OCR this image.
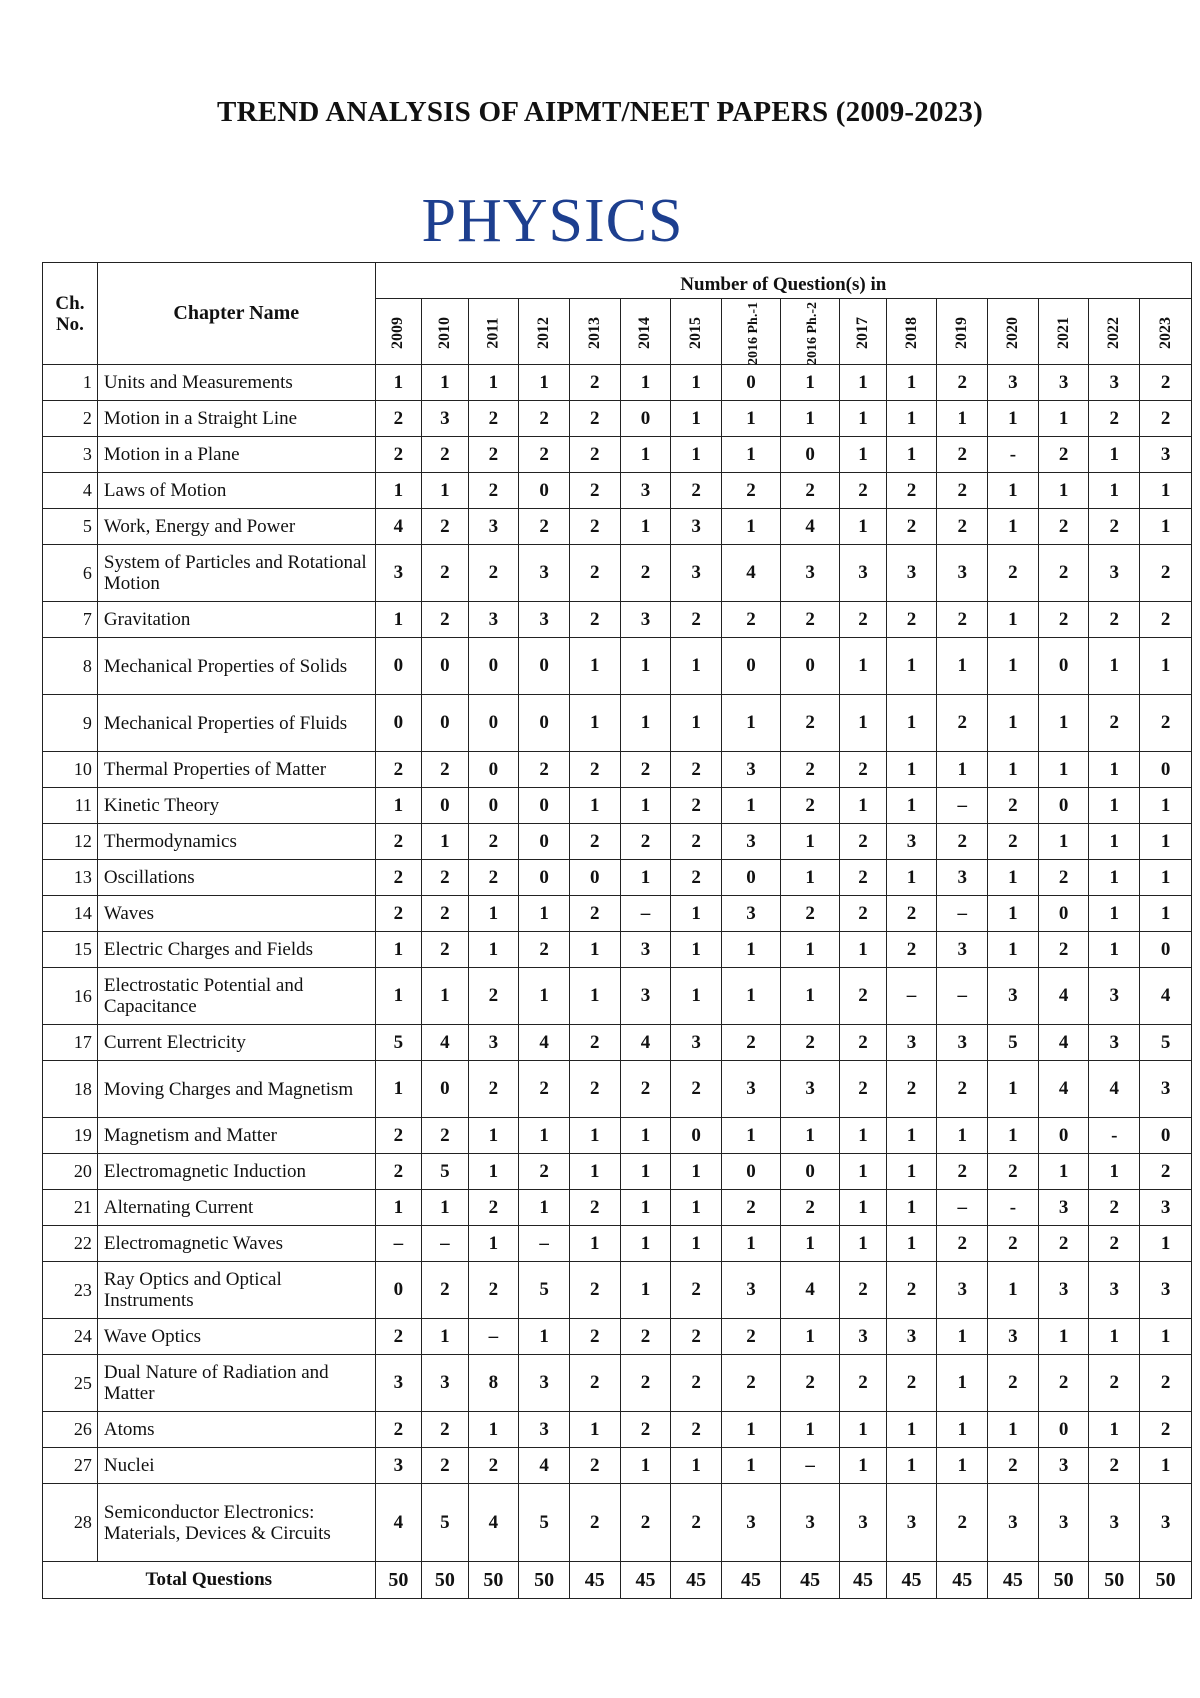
TREND ANALYSIS OF AIPMT/NEET PAPERS (2009-2023)
PHYSICS
Ch. No.	Chapter Name	Number of Question(s) in															
		2009	2010	2011	2012	2013	2014	2015	2016 Ph.-1	2016 Ph.-2	2017	2018	2019	2020	2021	2022	2023
1	Units and Measurements	1	1	1	1	2	1	1	0	1	1	1	2	3	3	3	2
2	Motion in a Straight Line	2	3	2	2	2	0	1	1	1	1	1	1	1	1	2	2
3	Motion in a Plane	2	2	2	2	2	1	1	1	0	1	1	2	-	2	1	3
4	Laws of Motion	1	1	2	0	2	3	2	2	2	2	2	2	1	1	1	1
5	Work, Energy and Power	4	2	3	2	2	1	3	1	4	1	2	2	1	2	2	1
6	System of Particles and Rotational Motion	3	2	2	3	2	2	3	4	3	3	3	3	2	2	3	2
7	Gravitation	1	2	3	3	2	3	2	2	2	2	2	2	1	2	2	2
8	Mechanical Properties of Solids	0	0	0	0	1	1	1	0	0	1	1	1	1	0	1	1
9	Mechanical Properties of Fluids	0	0	0	0	1	1	1	1	2	1	1	2	1	1	2	2
10	Thermal Properties of Matter	2	2	0	2	2	2	2	3	2	2	1	1	1	1	1	0
11	Kinetic Theory	1	0	0	0	1	1	2	1	2	1	1	–	2	0	1	1
12	Thermodynamics	2	1	2	0	2	2	2	3	1	2	3	2	2	1	1	1
13	Oscillations	2	2	2	0	0	1	2	0	1	2	1	3	1	2	1	1
14	Waves	2	2	1	1	2	–	1	3	2	2	2	–	1	0	1	1
15	Electric Charges and Fields	1	2	1	2	1	3	1	1	1	1	2	3	1	2	1	0
16	Electrostatic Potential and Capacitance	1	1	2	1	1	3	1	1	1	2	–	–	3	4	3	4
17	Current Electricity	5	4	3	4	2	4	3	2	2	2	3	3	5	4	3	5
18	Moving Charges and Magnetism	1	0	2	2	2	2	2	3	3	2	2	2	1	4	4	3
19	Magnetism and Matter	2	2	1	1	1	1	0	1	1	1	1	1	1	0	-	0
20	Electromagnetic Induction	2	5	1	2	1	1	1	0	0	1	1	2	2	1	1	2
21	Alternating Current	1	1	2	1	2	1	1	2	2	1	1	–	-	3	2	3
22	Electromagnetic Waves	–	–	1	–	1	1	1	1	1	1	1	2	2	2	2	1
23	Ray Optics and Optical Instruments	0	2	2	5	2	1	2	3	4	2	2	3	1	3	3	3
24	Wave Optics	2	1	–	1	2	2	2	2	1	3	3	1	3	1	1	1
25	Dual Nature of Radiation and Matter	3	3	8	3	2	2	2	2	2	2	2	1	2	2	2	2
26	Atoms	2	2	1	3	1	2	2	1	1	1	1	1	1	0	1	2
27	Nuclei	3	2	2	4	2	1	1	1	–	1	1	1	2	3	2	1
28	Semiconductor Electronics: Materials, Devices & Circuits	4	5	4	5	2	2	2	3	3	3	3	2	3	3	3	3
Total Questions		50	50	50	50	45	45	45	45	45	45	45	45	45	50	50	50
